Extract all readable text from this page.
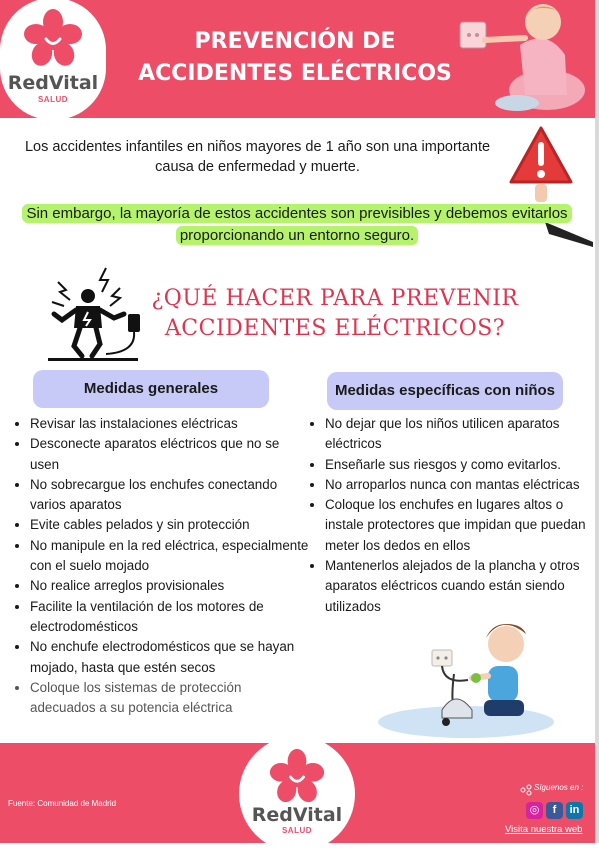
RedVital
SALUD
PREVENCIÓN DE
ACCIDENTES ELÉCTRICOS
Los accidentes infantiles en niños mayores de 1 año son una importante causa de enfermedad y muerte.
Sin embargo, la mayoría de estos accidentes son previsibles y debemos evitarlos proporcionando un entorno seguro.
¿QUÉ HACER PARA PREVENIR
ACCIDENTES ELÉCTRICOS?
Medidas generales	Medidas específicas con niños
• Revisar las instalaciones eléctricas
• Desconecte aparatos eléctricos que no se usen
• No sobrecargue los enchufes conectando varios aparatos
• Evite cables pelados y sin protección
• No manipule en la red eléctrica, especialmente con el suelo mojado
• No realice arreglos provisionales
• Facilite la ventilación de los motores de electrodomésticos
• No enchufe electrodomésticos que se hayan mojado, hasta que estén secos
• Coloque los sistemas de protección adecuados a su potencia eléctrica
• No dejar que los niños utilicen aparatos eléctricos
• Enseñarle sus riesgos y como evitarlos.
• No arroparlos nunca con mantas eléctricas
• Coloque los enchufes en lugares altos o instale protectores que impidan que puedan meter los dedos en ellos
• Mantenerlos alejados de la plancha y otros aparatos eléctricos cuando están siendo utilizados
Fuente: Comunidad de Madrid
RedVital
SALUD
Síguenos en :
◎	f	in
Visita nuestra web
